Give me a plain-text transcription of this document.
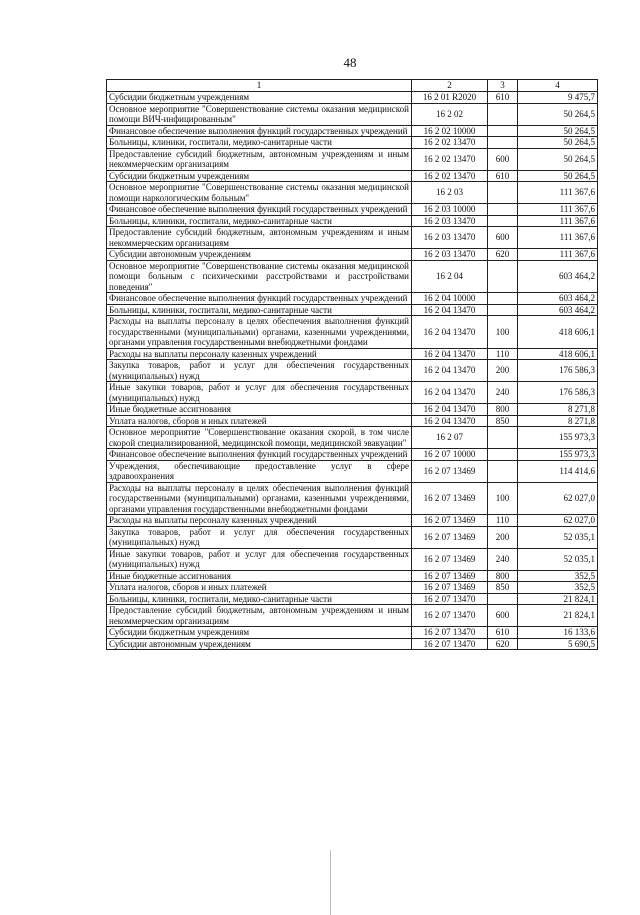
48
1	2	3	4
Субсидии бюджетным учреждениям	16 2 01 R2020	610	9 475,7
Основное мероприятие "Совершенствование системы оказания медицинской помощи ВИЧ-инфицированным"	16 2 02		50 264,5
Финансовое обеспечение выполнения функций государственных учреждений	16 2 02 10000		50 264,5
Больницы, клиники, госпитали, медико-санитарные части	16 2 02 13470		50 264,5
Предоставление субсидий бюджетным, автономным учреждениям и иным некоммерческим организациям	16 2 02 13470	600	50 264,5
Субсидии бюджетным учреждениям	16 2 02 13470	610	50 264,5
Основное мероприятие "Совершенствование системы оказания медицинской помощи наркологическим больным"	16 2 03		111 367,6
Финансовое обеспечение выполнения функций государственных учреждений	16 2 03 10000		111 367,6
Больницы, клиники, госпитали, медико-санитарные части	16 2 03 13470		111 367,6
Предоставление субсидий бюджетным, автономным учреждениям и иным некоммерческим организациям	16 2 03 13470	600	111 367,6
Субсидии автономным учреждениям	16 2 03 13470	620	111 367,6
Основное мероприятие "Совершенствование системы оказания медицинской помощи больным с психическими расстройствами и расстройствами поведения"	16 2 04		603 464,2
Финансовое обеспечение выполнения функций государственных учреждений	16 2 04 10000		603 464,2
Больницы, клиники, госпитали, медико-санитарные части	16 2 04 13470		603 464,2
Расходы на выплаты персоналу в целях обеспечения выполнения функций государственными (муниципальными) органами, казенными учреждениями, органами управления государственными внебюджетными фондами	16 2 04 13470	100	418 606,1
Расходы на выплаты персоналу казенных учреждений	16 2 04 13470	110	418 606,1
Закупка товаров, работ и услуг для обеспечения государственных (муниципальных) нужд	16 2 04 13470	200	176 586,3
Иные закупки товаров, работ и услуг для обеспечения государственных (муниципальных) нужд	16 2 04 13470	240	176 586,3
Иные бюджетные ассигнования	16 2 04 13470	800	8 271,8
Уплата налогов, сборов и иных платежей	16 2 04 13470	850	8 271,8
Основное мероприятие "Совершенствование оказания скорой, в том числе скорой специализированной, медицинской помощи, медицинской эвакуации"	16 2 07		155 973,3
Финансовое обеспечение выполнения функций государственных учреждений	16 2 07 10000		155 973,3
Учреждения, обеспечивающие предоставление услуг в сфере здравоохранения	16 2 07 13469		114 414,6
Расходы на выплаты персоналу в целях обеспечения выполнения функций государственными (муниципальными) органами, казенными учреждениями, органами управления государственными внебюджетными фондами	16 2 07 13469	100	62 027,0
Расходы на выплаты персоналу казенных учреждений	16 2 07 13469	110	62 027,0
Закупка товаров, работ и услуг для обеспечения государственных (муниципальных) нужд	16 2 07 13469	200	52 035,1
Иные закупки товаров, работ и услуг для обеспечения государственных (муниципальных) нужд	16 2 07 13469	240	52 035,1
Иные бюджетные ассигнования	16 2 07 13469	800	352,5
Уплата налогов, сборов и иных платежей	16 2 07 13469	850	352,5
Больницы, клиники, госпитали, медико-санитарные части	16 2 07 13470		21 824,1
Предоставление субсидий бюджетным, автономным учреждениям и иным некоммерческим организациям	16 2 07 13470	600	21 824,1
Субсидии бюджетным учреждениям	16 2 07 13470	610	16 133,6
Субсидии автономным учреждениям	16 2 07 13470	620	5 690,5
